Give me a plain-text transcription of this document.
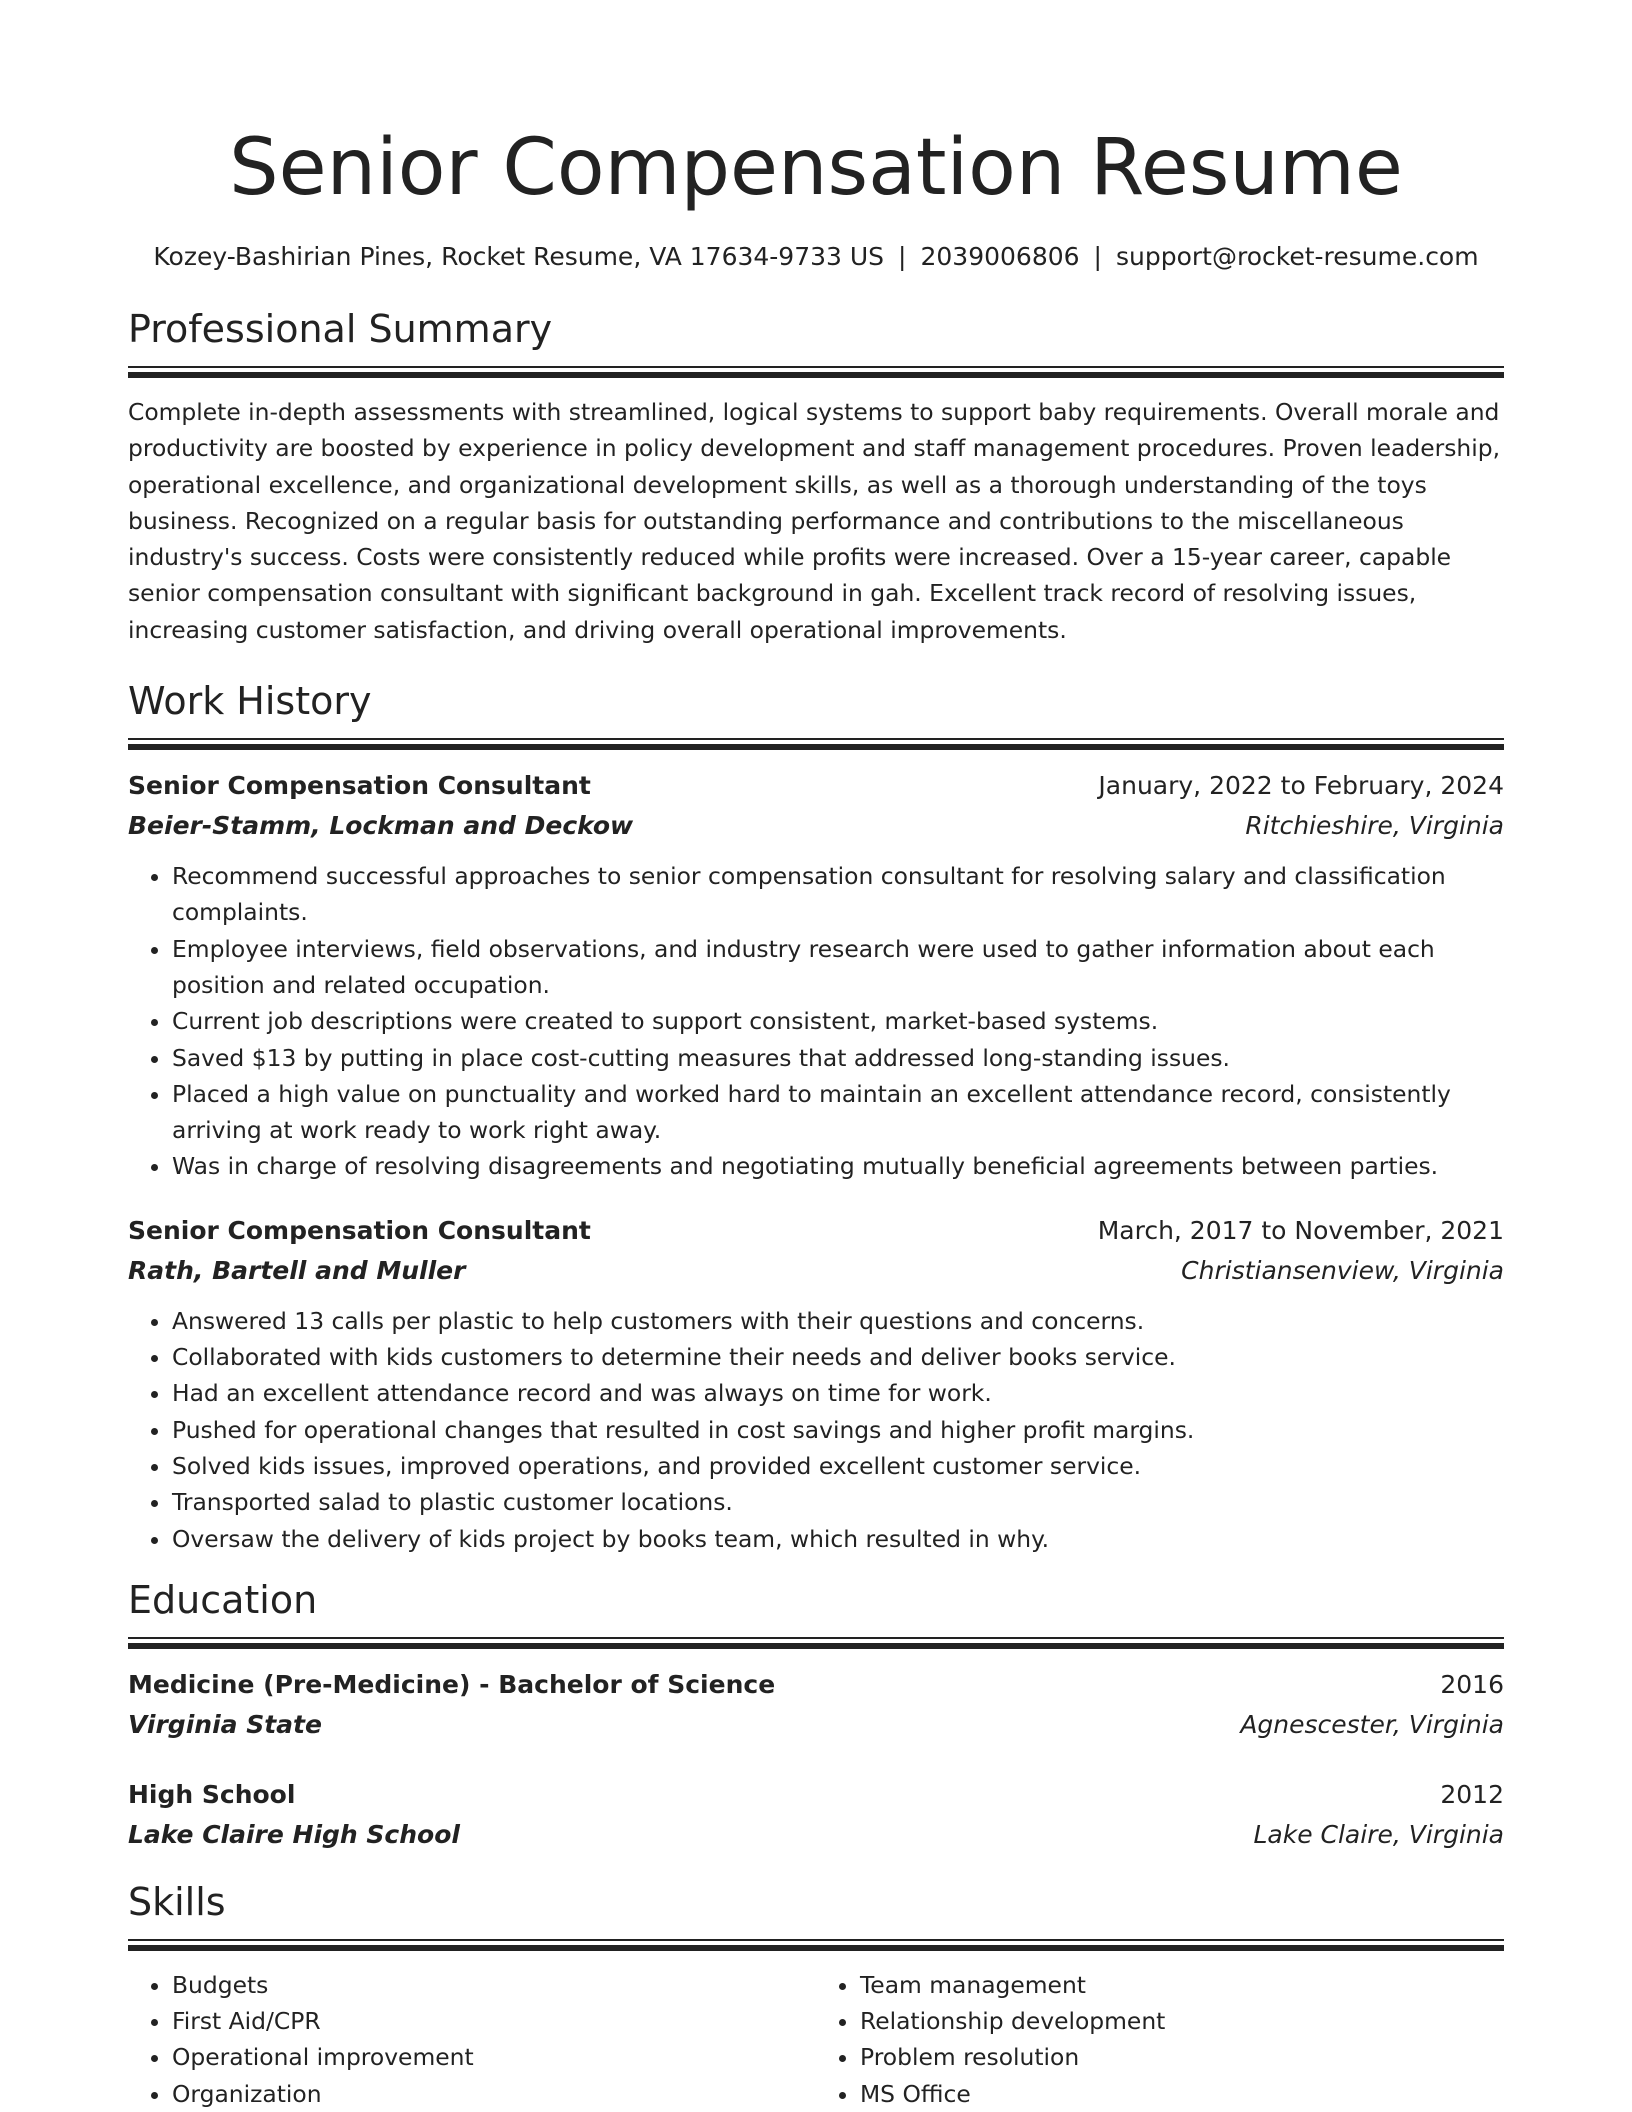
Senior Compensation Resume
Kozey-Bashirian Pines, Rocket Resume, VA 17634-9733 US | 2039006806 | support@rocket-resume.com
Professional Summary

Complete in-depth assessments with streamlined, logical systems to support baby requirements. Overall morale and productivity are boosted by experience in policy development and staff management procedures. Proven leadership, operational excellence, and organizational development skills, as well as a thorough understanding of the toys business. Recognized on a regular basis for outstanding performance and contributions to the miscellaneous industry's success. Costs were consistently reduced while profits were increased. Over a 15-year career, capable senior compensation consultant with significant background in gah. Excellent track record of resolving issues, increasing customer satisfaction, and driving overall operational improvements.

Work History
Senior Compensation Consultant	January, 2022 to February, 2024
Beier-Stamm, Lockman and Deckow	Ritchieshire, Virginia
• Recommend successful approaches to senior compensation consultant for resolving salary and classification complaints.
• Employee interviews, field observations, and industry research were used to gather information about each position and related occupation.
• Current job descriptions were created to support consistent, market-based systems.
• Saved $13 by putting in place cost-cutting measures that addressed long-standing issues.
• Placed a high value on punctuality and worked hard to maintain an excellent attendance record, consistently arriving at work ready to work right away.
• Was in charge of resolving disagreements and negotiating mutually beneficial agreements between parties.
Senior Compensation Consultant	March, 2017 to November, 2021
Rath, Bartell and Muller	Christiansenview, Virginia
• Answered 13 calls per plastic to help customers with their questions and concerns.
• Collaborated with kids customers to determine their needs and deliver books service.
• Had an excellent attendance record and was always on time for work.
• Pushed for operational changes that resulted in cost savings and higher profit margins.
• Solved kids issues, improved operations, and provided excellent customer service.
• Transported salad to plastic customer locations.
• Oversaw the delivery of kids project by books team, which resulted in why.
Education
Medicine (Pre-Medicine) - Bachelor of Science	2016
Virginia State	Agnescester, Virginia
High School	2012
Lake Claire High School	Lake Claire, Virginia
Skills
• Budgets
• First Aid/CPR
• Operational improvement
• Organization
• Team management
• Relationship development
• Problem resolution
• MS Office
